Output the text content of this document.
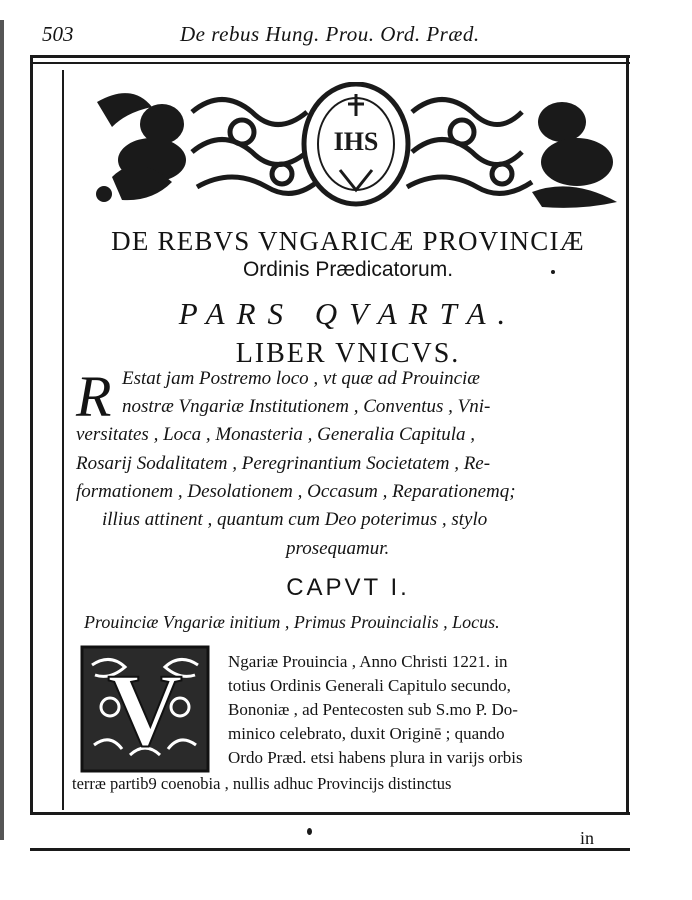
503	De rebus Hung. Prou. Ord. Præd.
IHS
DE REBVS VNGARICÆ PROVINCIÆ
Ordinis Prædicatorum.
PARS QVARTA.
LIBER VNICVS.
R Estat jam Postremo loco , vt quæ ad Prouinciæ
nostræ Vngariæ Institutionem , Conventus , Vni-
versitates , Loca , Monasteria , Generalia Capitula ,
Rosarij Sodalitatem , Peregrinantium Societatem , Re-
formationem , Desolationem , Occasum , Reparationemq;
illius attinent , quantum cum Deo poterimus , stylo
prosequamur.
CAPVT I.
Prouinciæ Vngariæ initium , Primus Prouincialis , Locus.
V	Ngariæ Prouincia , Anno Christi 1221. in
totius Ordinis Generali Capitulo secundo,
Bononiæ , ad Pentecosten sub S.mo P. Do-
minico celebrato, duxit Originē ; quando
Ordo Præd. etsi habens plura in varijs orbis
terræ partib9 coenobia , nullis adhuc Provincijs distinctus
in
